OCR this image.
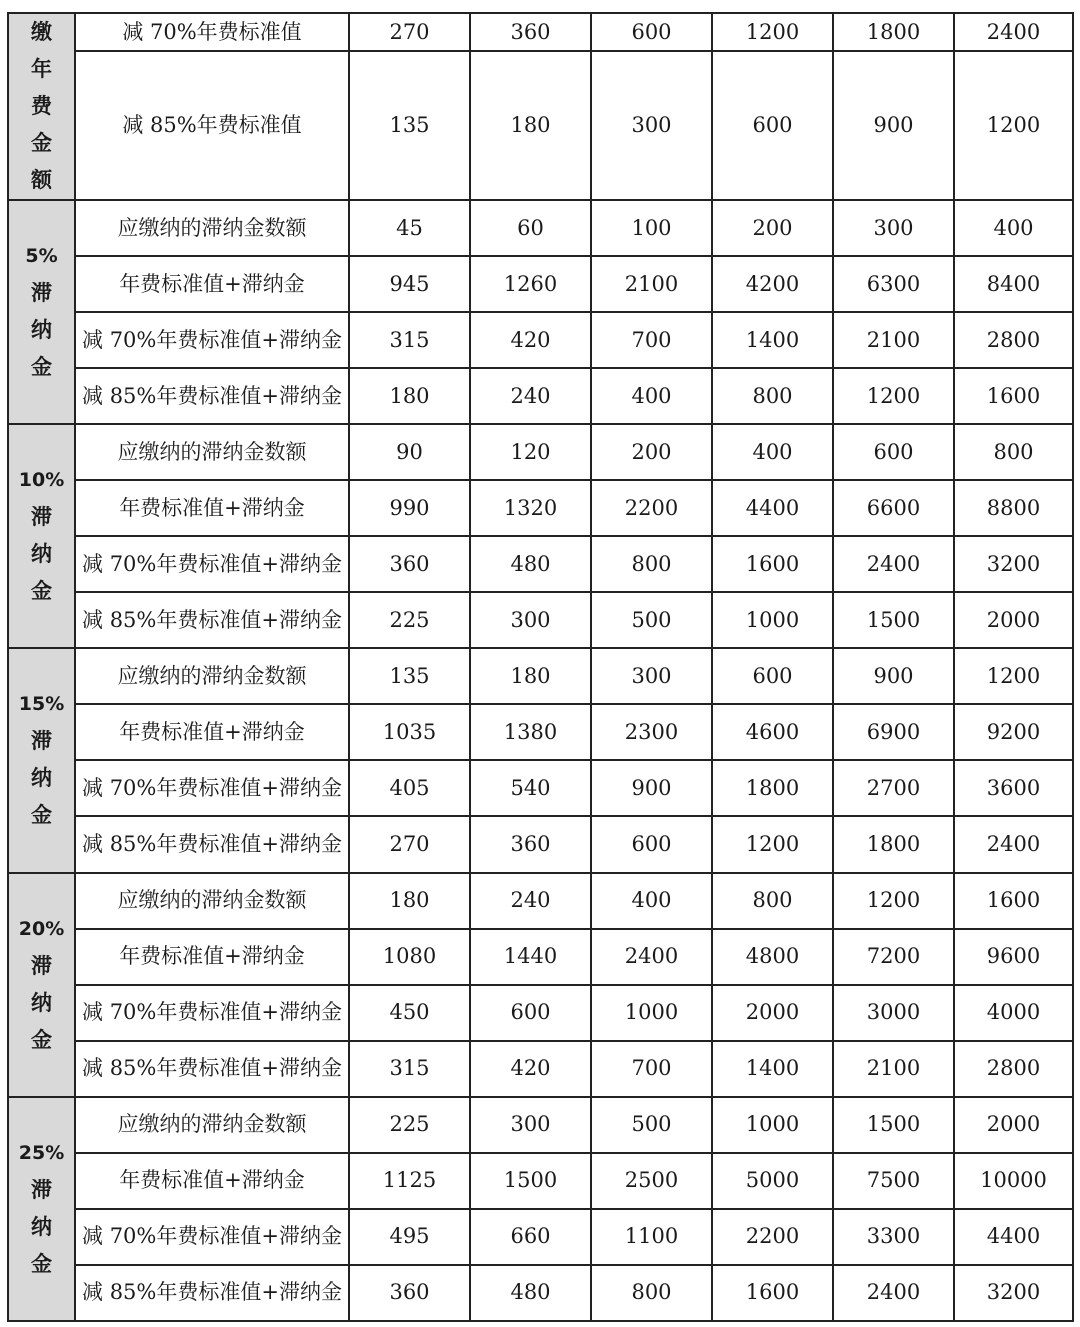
缴
年
费
金
额	减 70%年费标准值	270	360	600	1200	1800	2400
	减 85%年费标准值	135	180	300	600	900	1200

5%
滞
纳
金	应缴纳的滞纳金数额	45	60	100	200	300	400
	年费标准值+滞纳金	945	1260	2100	4200	6300	8400
	减 70%年费标准值+滞纳金	315	420	700	1400	2100	2800
	减 85%年费标准值+滞纳金	180	240	400	800	1200	1600

10%
滞
纳
金	应缴纳的滞纳金数额	90	120	200	400	600	800
	年费标准值+滞纳金	990	1320	2200	4400	6600	8800
	减 70%年费标准值+滞纳金	360	480	800	1600	2400	3200
	减 85%年费标准值+滞纳金	225	300	500	1000	1500	2000

15%
滞
纳
金	应缴纳的滞纳金数额	135	180	300	600	900	1200
	年费标准值+滞纳金	1035	1380	2300	4600	6900	9200
	减 70%年费标准值+滞纳金	405	540	900	1800	2700	3600
	减 85%年费标准值+滞纳金	270	360	600	1200	1800	2400

20%
滞
纳
金	应缴纳的滞纳金数额	180	240	400	800	1200	1600
	年费标准值+滞纳金	1080	1440	2400	4800	7200	9600
	减 70%年费标准值+滞纳金	450	600	1000	2000	3000	4000
	减 85%年费标准值+滞纳金	315	420	700	1400	2100	2800

25%
滞
纳
金	应缴纳的滞纳金数额	225	300	500	1000	1500	2000
	年费标准值+滞纳金	1125	1500	2500	5000	7500	10000
	减 70%年费标准值+滞纳金	495	660	1100	2200	3300	4400
	减 85%年费标准值+滞纳金	360	480	800	1600	2400	3200
